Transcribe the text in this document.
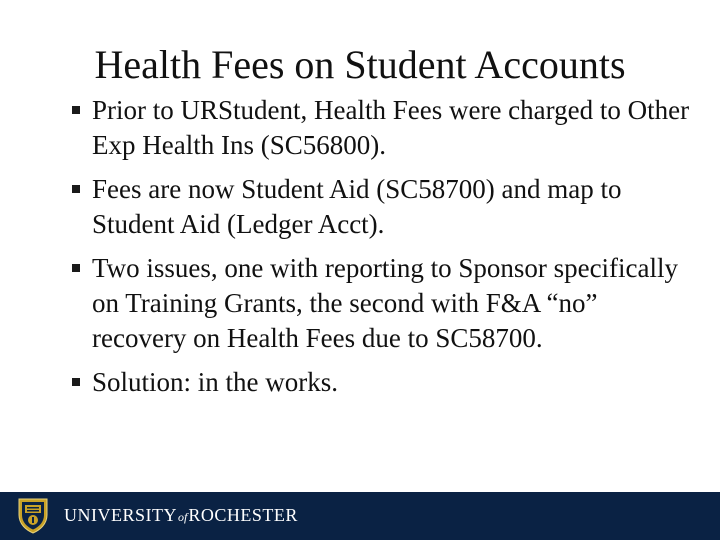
Health Fees on Student Accounts
Prior to URStudent, Health Fees were charged to Other Exp Health Ins (SC56800).
Fees are now Student Aid (SC58700) and map to Student Aid (Ledger Acct).
Two issues, one with reporting to Sponsor specifically on Training Grants, the second with F&A “no” recovery on Health Fees due to SC58700.
Solution: in the works.
UNIVERSITYofROCHESTER
